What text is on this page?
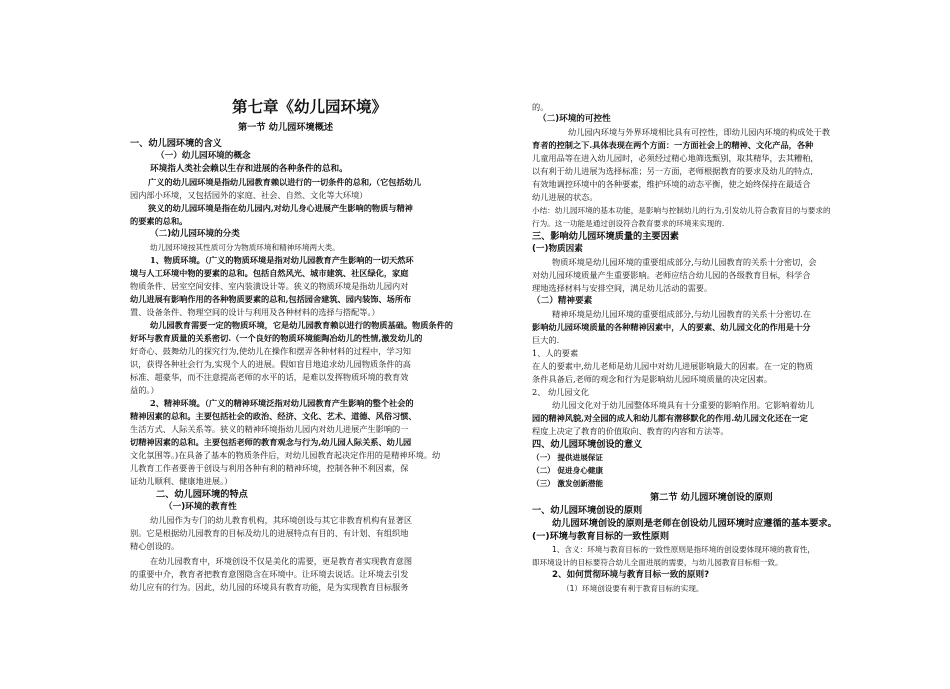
第七章《幼儿园环境》
第一节 幼儿园环境概述
一、幼儿园环境的含义
（一）幼儿园环境的概念
环境指人类社会赖以生存和进展的各种条件的总和。
广义的幼儿园环境是指幼儿园教育赖以进行的一切条件的总和,（它包括幼儿
园内部小环境，又包括园外的家庭、社会、自然、文化等大环境）
狭义的幼儿园环境是指在幼儿园内,对幼儿身心进展产生影响的物质与精神
的要素的总和。
（二)幼儿园环境的分类
幼儿园环境按其性质可分为物质环境和精神环境两大类。
1、物质环境。（广义的物质环境是指对幼儿园教育产生影响的一切天然环
境与人工环境中物的要素的总和。包括自然风光、城市建筑、社区绿化，家庭
物质条件、居室空间安排、室内装潢设计等。狭义的物质环境是指幼儿园内对
幼儿进展有影响作用的各种物质要素的总和,包括园舍建筑、园内装饰、场所布
置、设备条件、物理空间的设计与利用及各种材料的选择与搭配等。）
幼儿园教育需要一定的物质环境，它是幼儿园教育赖以进行的物质基础。物质条件的
好坏与教育质量的关系密切.（一个良好的物质环境能陶冶幼儿的性情,激发幼儿的
好奇心、鼓舞幼儿的探究行为,使幼儿在操作和摆弄各种材料的过程中，学习知
识，获得各种社会行为,实现个人的进展。假如盲目地追求幼儿园物质条件的高
标准、超豪华，而不注意提高老师的水平的话，是难以发挥物质环境的教育效
益的。）
2、精神环境。（广义的精神环境泛指对幼儿园教育产生影响的整个社会的
精神因素的总和。主要包括社会的政治、经济、文化、艺术、道德、风俗习惯、
生活方式、人际关系等。狭义的精神环境指幼儿园内对幼儿进展产生影响的一
切精神因素的总和。主要包括老师的教育观念与行为,幼儿园人际关系、幼儿园
文化氛围等。)在具备了基本的物质条件后，对幼儿园教育起决定作用的是精神环境。幼
儿教育工作者要善于创设与利用各种有利的精神环境，控制各种不利因素，保
证幼儿顺利、健康地进展。）
二、幼儿园环境的特点
（一)环境的教育性
幼儿园作为专门的幼儿教育机构，其环境创设与其它非教育机构有显著区
别。它是根据幼儿园教育的目标及幼儿的进展特点有目的、有计划、有组织地
精心创设的。
在幼儿园教育中，环境创设不仅是美化的需要，更是教育者实现教育意图
的重要中介，教育者把教育意图隐含在环境中。让环境去说话。让环境去引发
幼儿应有的行为。因此，幼儿园的环境具有教育功能，是为实现教育目标服务
的。
（二)环境的可控性
幼儿园内环境与外界环境相比具有可控性，即幼儿园内环境的构成处于教
育者的控制之下.具体表现在两个方面：一方面社会上的精神、文化产品，各种
儿童用品等在进入幼儿园时，必须经过精心地筛选甄别，取其精华，去其糟粕，
以有利于幼儿进展为选择标准；另一方面，老师根据教育的要求及幼儿的特点,
有效地调控环境中的各种要素，维护环境的动态平衡，使之始终保持在最适合
幼儿进展的状态。
小结：幼儿园环境的基本功能，是影响与控制幼儿的行为,引发幼儿符合教育目的与要求的
行为。这一功能是通过创设符合教育要求的环境来实现的.
三、影响幼儿园环境质量的主要因素
(一)物质因素
物质环境是幼儿园环境的重要组成部分,与幼儿园教育的关系十分密切，会
对幼儿园环境质量产生重要影响。老师应结合幼儿园的各级教育目标，科学合
理地选择材料与安排空间，满足幼儿活动的需要。
（二）精神要素
精神环境是幼儿园环境的重要组成部分,与幼儿园教育的关系十分密切.在
影响幼儿园环境质量的各种精神因素中，人的要素、幼儿园文化的作用是十分
巨大的.
1、人的要素
在人的要素中,幼儿老师是幼儿园中对幼儿进展影响最大的因素。在一定的物质
条件具备后,老师的观念和行为是影响幼儿园环境质量的决定因素。
2、 幼儿园文化
幼儿园文化对于幼儿园整体环境具有十分重要的影响作用。它影响着幼儿
园的精神风貌,对全园的成人和幼儿都有潜移默化的作用.幼儿园文化还在一定
程度上决定了教育的价值取向、教育的内容和方法等。
四、幼儿园环境创设的意义
（一） 提供进展保证
（二） 促进身心健康
（三） 激发创新潜能
第二节 幼儿园环境创设的原则
一、幼儿园环境创设的原则
幼儿园环境创设的原则是老师在创设幼儿园环境时应遵循的基本要求。
(一)环境与教育目标的一致性原则
1、含义：环境与教育目标的一致性原则是指环境的创设要体现环境的教育性，
即环境设计的目标要符合幼儿全面进展的需要，与幼儿园教育目标相一致。
2、如何贯彻环境与教育目标一致的原则?
（1）环境创设要有利于教育目标的实现。
